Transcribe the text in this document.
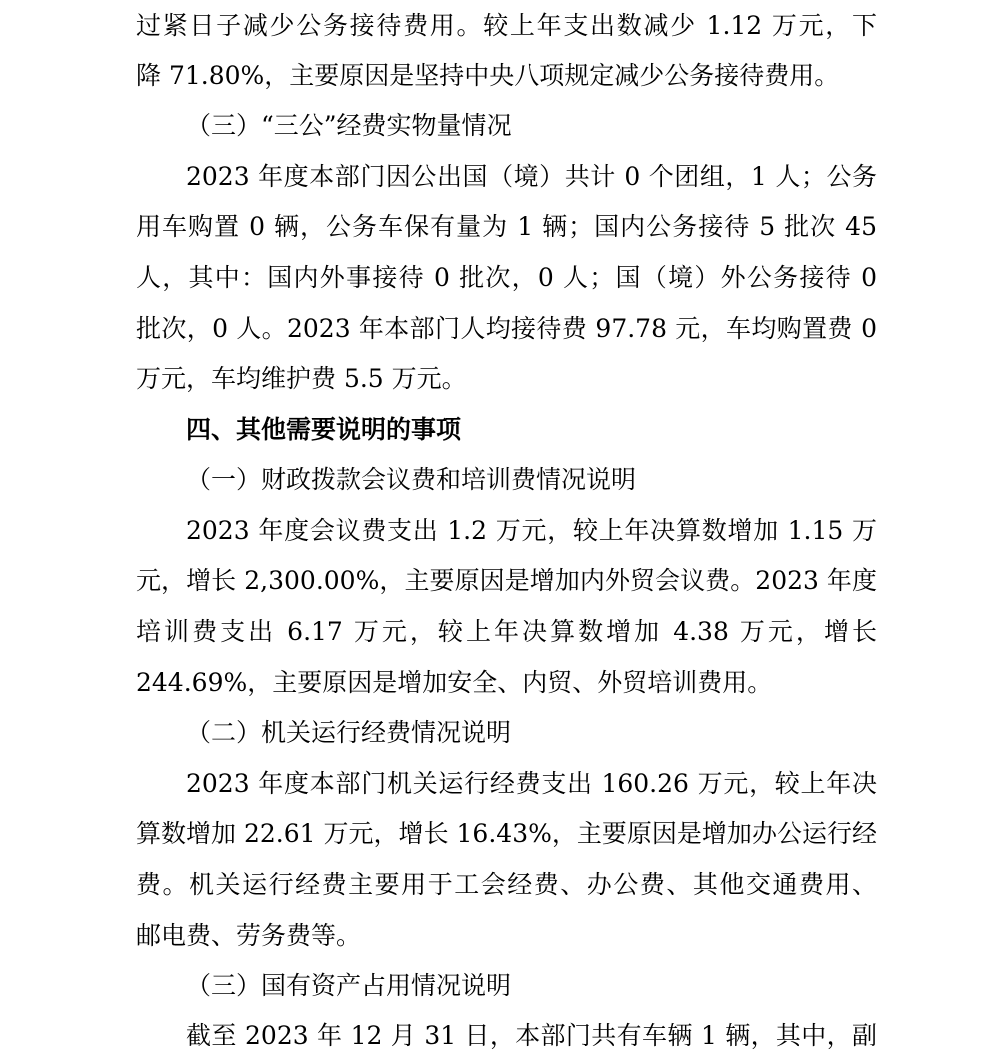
过紧日子减少公务接待费用。较上年支出数减少 1.12 万元，下

降 71.80%，主要原因是坚持中央八项规定减少公务接待费用。

（三）“三公”经费实物量情况

2023 年度本部门因公出国（境）共计 0 个团组，1 人；公务

用车购置 0 辆，公务车保有量为 1 辆；国内公务接待 5 批次 45

人，其中：国内外事接待 0 批次，0 人；国（境）外公务接待 0

批次，0 人。2023 年本部门人均接待费 97.78 元，车均购置费 0

万元，车均维护费 5.5 万元。

四、其他需要说明的事项

（一）财政拨款会议费和培训费情况说明

2023 年度会议费支出 1.2 万元，较上年决算数增加 1.15 万

元，增长 2,300.00%，主要原因是增加内外贸会议费。2023 年度

培训费支出 6.17 万元，较上年决算数增加 4.38 万元，增长

244.69%，主要原因是增加安全、内贸、外贸培训费用。

（二）机关运行经费情况说明

2023 年度本部门机关运行经费支出 160.26 万元，较上年决

算数增加 22.61 万元，增长 16.43%，主要原因是增加办公运行经

费。机关运行经费主要用于工会经费、办公费、其他交通费用、

邮电费、劳务费等。

（三）国有资产占用情况说明

截至 2023 年 12 月 31 日，本部门共有车辆 1 辆，其中，副
